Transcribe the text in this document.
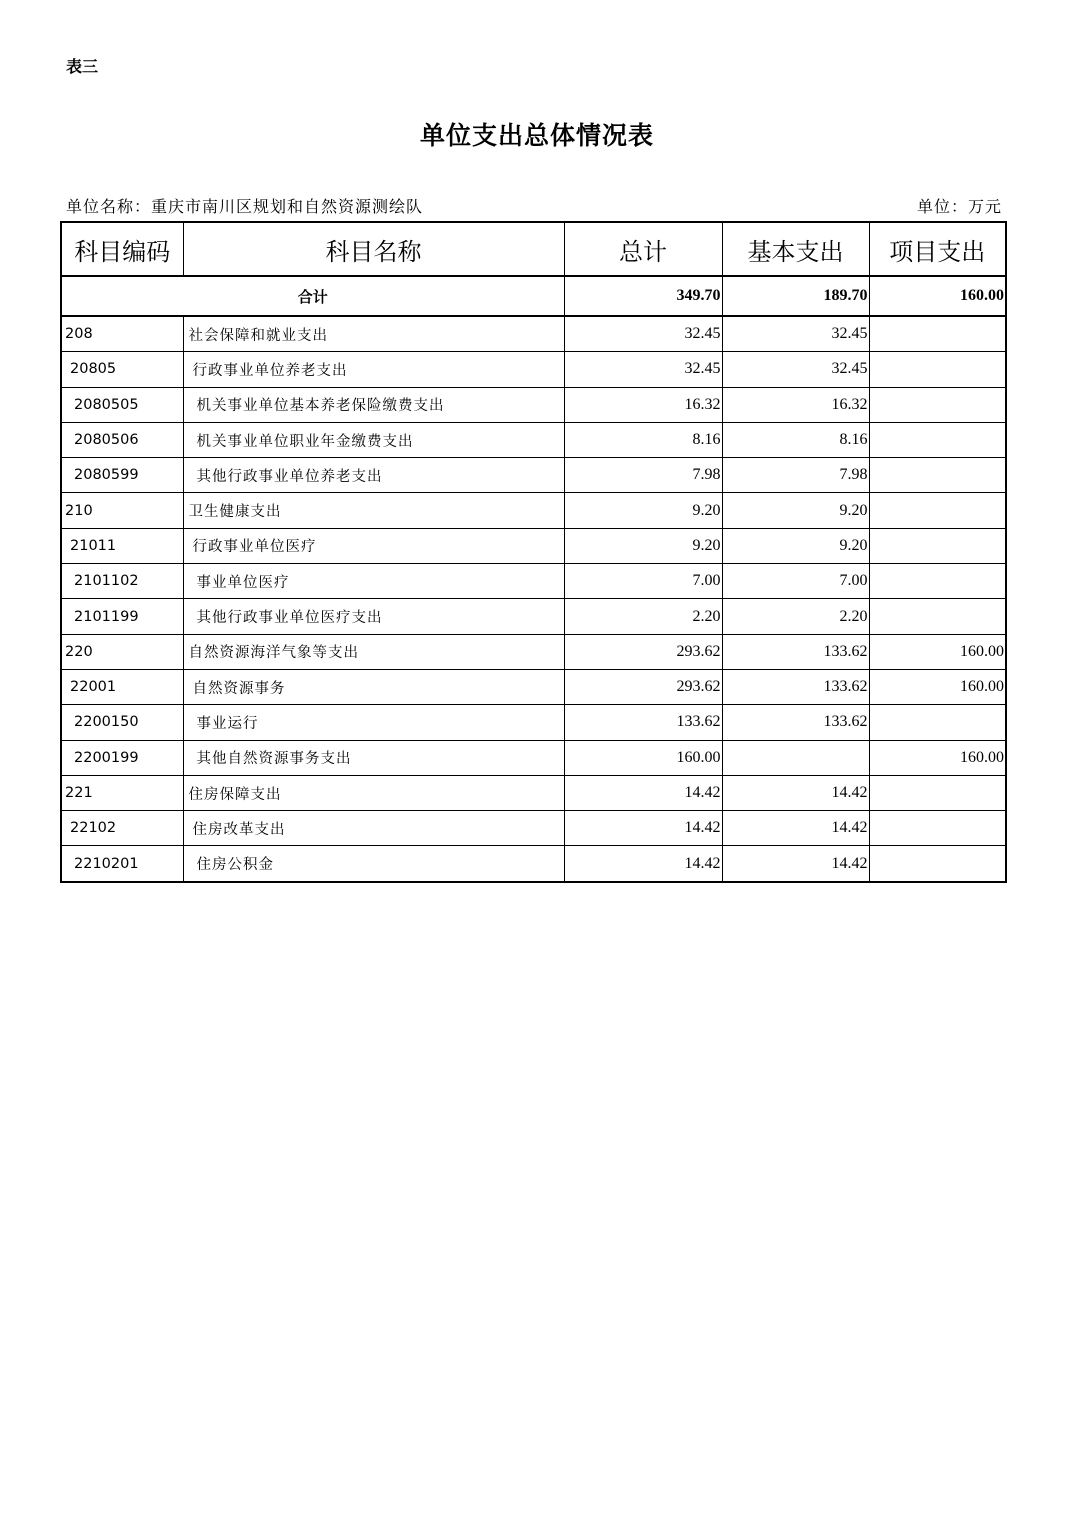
表三
单位支出总体情况表
单位名称：重庆市南川区规划和自然资源测绘队	单位：万元
科目编码	科目名称	总计	基本支出	项目支出
合计		349.70	189.70	160.00
208	社会保障和就业支出	32.45	32.45	
20805	行政事业单位养老支出	32.45	32.45	
2080505	机关事业单位基本养老保险缴费支出	16.32	16.32	
2080506	机关事业单位职业年金缴费支出	8.16	8.16	
2080599	其他行政事业单位养老支出	7.98	7.98	
210	卫生健康支出	9.20	9.20	
21011	行政事业单位医疗	9.20	9.20	
2101102	事业单位医疗	7.00	7.00	
2101199	其他行政事业单位医疗支出	2.20	2.20	
220	自然资源海洋气象等支出	293.62	133.62	160.00
22001	自然资源事务	293.62	133.62	160.00
2200150	事业运行	133.62	133.62	
2200199	其他自然资源事务支出	160.00		160.00
221	住房保障支出	14.42	14.42	
22102	住房改革支出	14.42	14.42	
2210201	住房公积金	14.42	14.42	
